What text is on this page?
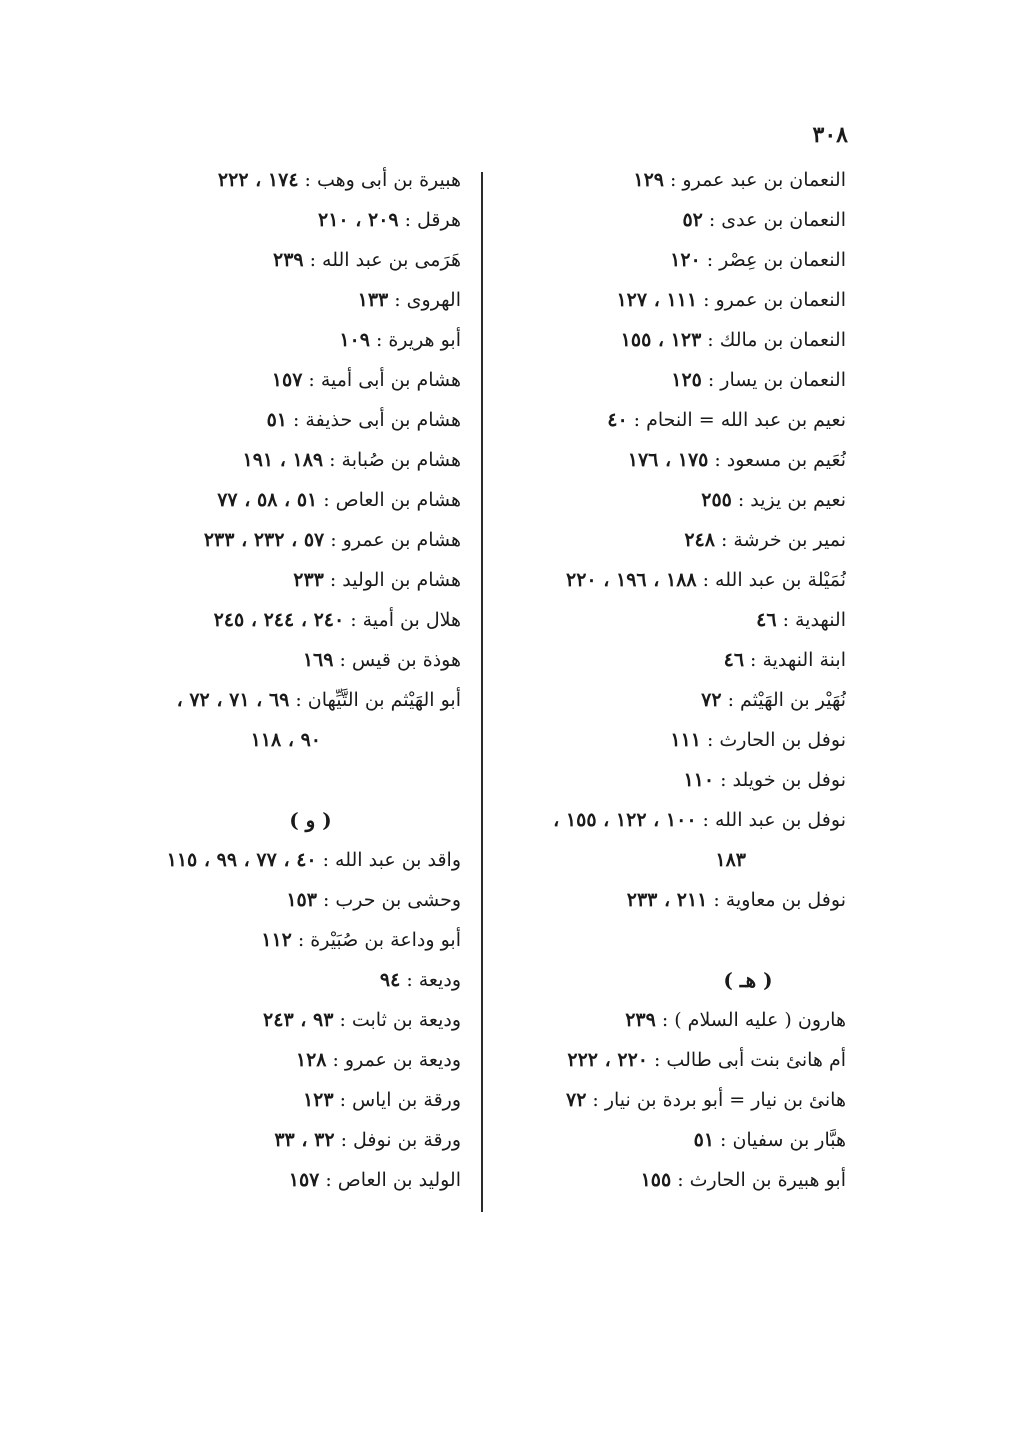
٣٠٨
النعمان بن عبد عمرو:١٢٩
النعمان بن عدى:٥٢
النعمان بن عِصْر:١٢٠
النعمان بن عمرو:١١١ ، ١٢٧
النعمان بن مالك:١٢٣ ، ١٥٥
النعمان بن يسار:١٢٥
نعيم بن عبد الله = النحام:٤٠
نُعَيم بن مسعود:١٧٥ ، ١٧٦
نعيم بن يزيد:٢٥٥
نمير بن خرشة:٢٤٨
نُمَيْلة بن عبد الله:١٨٨ ، ١٩٦ ، ٢٢٠
النهدية:٤٦
ابنة النهدية:٤٦
نُهَيْر بن الهَيْثم:٧٢
نوفل بن الحارث:١١١
نوفل بن خويلد:١١٠
نوفل بن عبد الله:١٠٠ ، ١٢٢ ، ١٥٥ ،
١٨٣
نوفل بن معاوية:٢١١ ، ٢٣٣
( هـ )
هارون ( عليه السلام ):٢٣٩
أم هانئ بنت أبى طالب:٢٢٠ ، ٢٢٢
هانئ بن نيار = أبو بردة بن نيار:٧٢
هبَّار بن سفيان:٥١
أبو هبيرة بن الحارث:١٥٥
هبيرة بن أبى وهب:١٧٤ ، ٢٢٢
هرقل:٢٠٩ ، ٢١٠
هَرَمى بن عبد الله:٢٣٩
الهروى:١٣٣
أبو هريرة:١٠٩
هشام بن أبى أمية:١٥٧
هشام بن أبى حذيفة:٥١
هشام بن صُبابة:١٨٩ ، ١٩١
هشام بن العاص:٥١ ، ٥٨ ، ٧٧
هشام بن عمرو:٥٧ ، ٢٣٢ ، ٢٣٣
هشام بن الوليد:٢٣٣
هلال بن أمية:٢٤٠ ، ٢٤٤ ، ٢٤٥
هوذة بن قيس:١٦٩
أبو الهَيْثم بن التَّيِّهان:٦٩ ، ٧١ ، ٧٢ ،
٩٠ ، ١١٨
( و )
واقد بن عبد الله:٤٠ ، ٧٧ ، ٩٩ ، ١١٥
وحشى بن حرب:١٥٣
أبو وداعة بن صُبَيْرة:١١٢
وديعة:٩٤
وديعة بن ثابت:٩٣ ، ٢٤٣
وديعة بن عمرو:١٢٨
ورقة بن اياس:١٢٣
ورقة بن نوفل:٣٢ ، ٣٣
الوليد بن العاص:١٥٧
